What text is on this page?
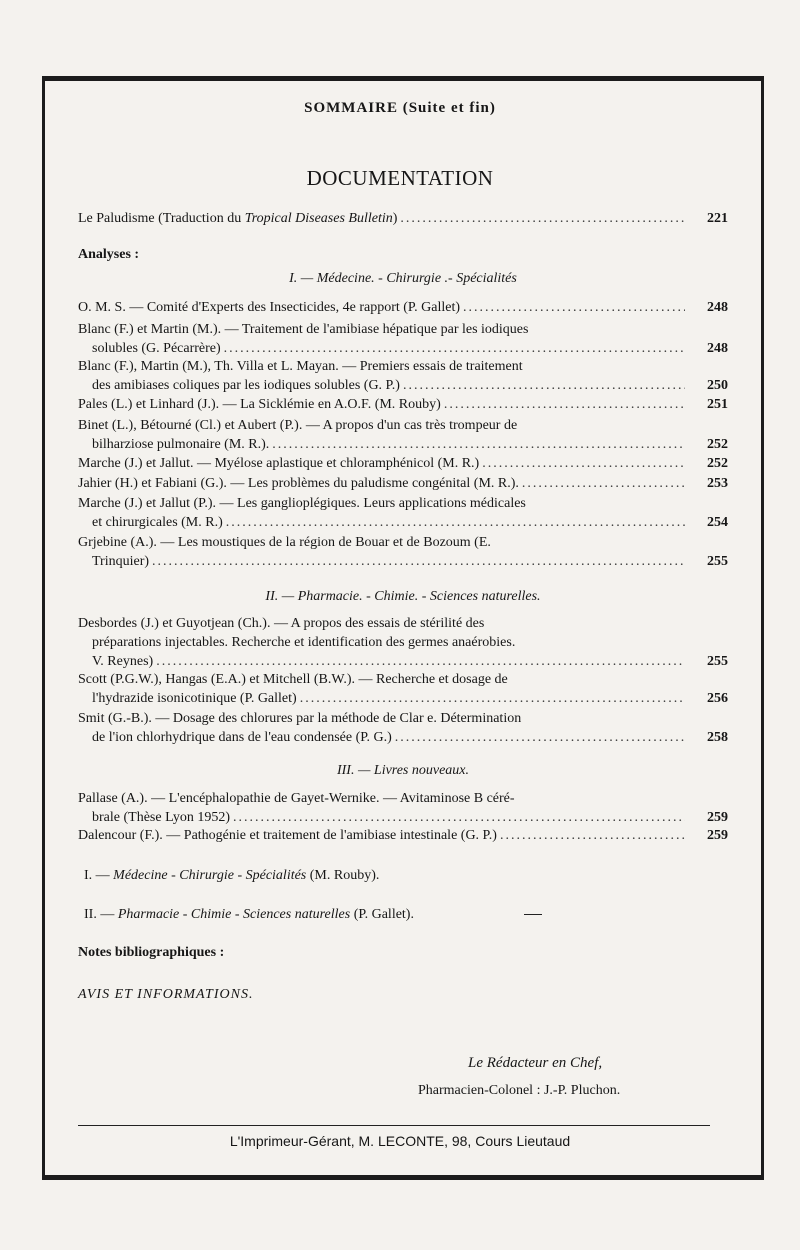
SOMMAIRE (Suite et fin)
DOCUMENTATION
Le Paludisme (Traduction du Tropical Diseases Bulletin) .....	221
Analyses :
I. — Médecine. - Chirurgie .- Spécialités
O. M. S. — Comité d'Experts des Insecticides, 4e rapport (P. Gallet) .....	248
Blanc (F.) et Martin (M.). — Traitement de l'amibiase hépatique par les iodiques
solubles (G. Pécarrère) .....	248
Blanc (F.), Martin (M.), Th. Villa et L. Mayan. — Premiers essais de traitement
des amibiases coliques par les iodiques solubles (G. P.) .....	250
Pales (L.) et Linhard (J.). — La Sicklémie en A.O.F. (M. Rouby) .....	251
Binet (L.), Bétourné (Cl.) et Aubert (P.). — A propos d'un cas très trompeur de
bilharziose pulmonaire (M. R.). .....	252
Marche (J.) et Jallut. — Myélose aplastique et chloramphénicol (M. R.) .....	252
Jahier (H.) et Fabiani (G.). — Les problèmes du paludisme congénital (M. R.). .....	253
Marche (J.) et Jallut (P.). — Les ganglioplégiques. Leurs applications médicales
et chirurgicales (M. R.) .....	254
Grjebine (A.). — Les moustiques de la région de Bouar et de Bozoum (E.
Trinquier) .....	255
II. — Pharmacie. - Chimie. - Sciences naturelles.
Desbordes (J.) et Guyotjean (Ch.). — A propos des essais de stérilité des
préparations injectables. Recherche et identification des germes anaérobies.
V. Reynes) .....	255
Scott (P.G.W.), Hangas (E.A.) et Mitchell (B.W.). — Recherche et dosage de
l'hydrazide isonicotinique (P. Gallet) .....	256
Smit (G.-B.). — Dosage des chlorures par la méthode de Clar e. Détermination
de l'ion chlorhydrique dans de l'eau condensée (P. G.) .....	258
III. — Livres nouveaux.
Pallase (A.). — L'encéphalopathie de Gayet-Wernike. — Avitaminose B céré-
brale (Thèse Lyon 1952) .....	259
Dalencour (F.). — Pathogénie et traitement de l'amibiase intestinale (G. P.) .....	259
I. — Médecine - Chirurgie - Spécialités (M. Rouby).
II. — Pharmacie - Chimie - Sciences naturelles (P. Gallet).
Notes bibliographiques :
AVIS ET INFORMATIONS.
Le Rédacteur en Chef,
Pharmacien-Colonel : J.-P. Pluchon.
L'Imprimeur-Gérant, M. LECONTE, 98, Cours Lieutaud
